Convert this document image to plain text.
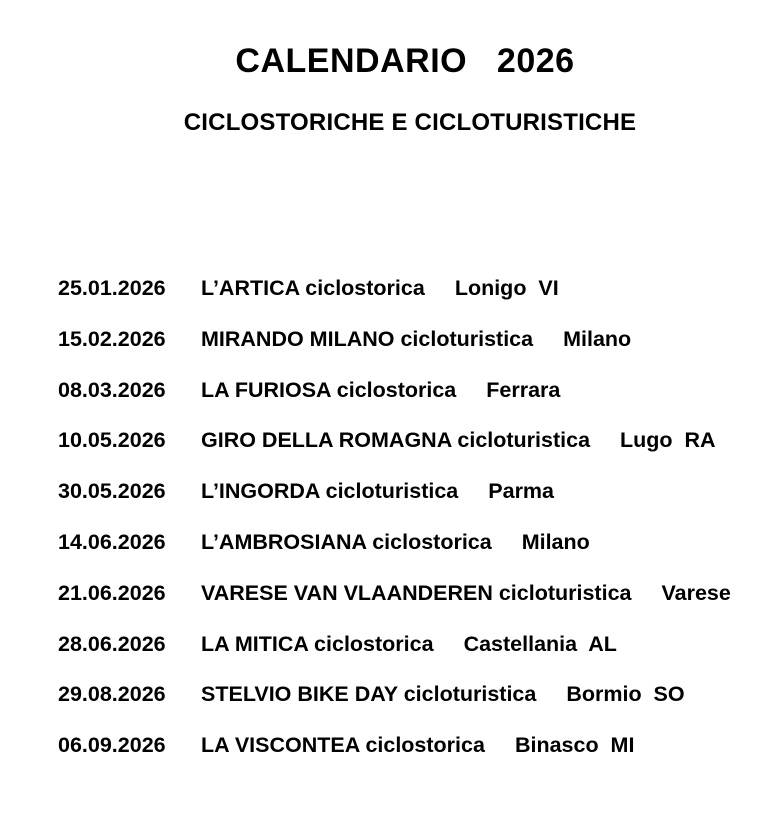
CALENDARIO   2026
CICLOSTORICHE E CICLOTURISTICHE
25.01.2026	L’ARTICA ciclostorica Lonigo  VI
15.02.2026	MIRANDO MILANO cicloturistica Milano
08.03.2026	LA FURIOSA ciclostorica Ferrara
10.05.2026	GIRO DELLA ROMAGNA cicloturistica Lugo  RA
30.05.2026	L’INGORDA cicloturistica Parma
14.06.2026	L’AMBROSIANA ciclostorica Milano
21.06.2026	VARESE VAN VLAANDEREN cicloturistica Varese
28.06.2026	LA MITICA ciclostorica Castellania  AL
29.08.2026	STELVIO BIKE DAY cicloturistica Bormio  SO
06.09.2026	LA VISCONTEA ciclostorica Binasco  MI
